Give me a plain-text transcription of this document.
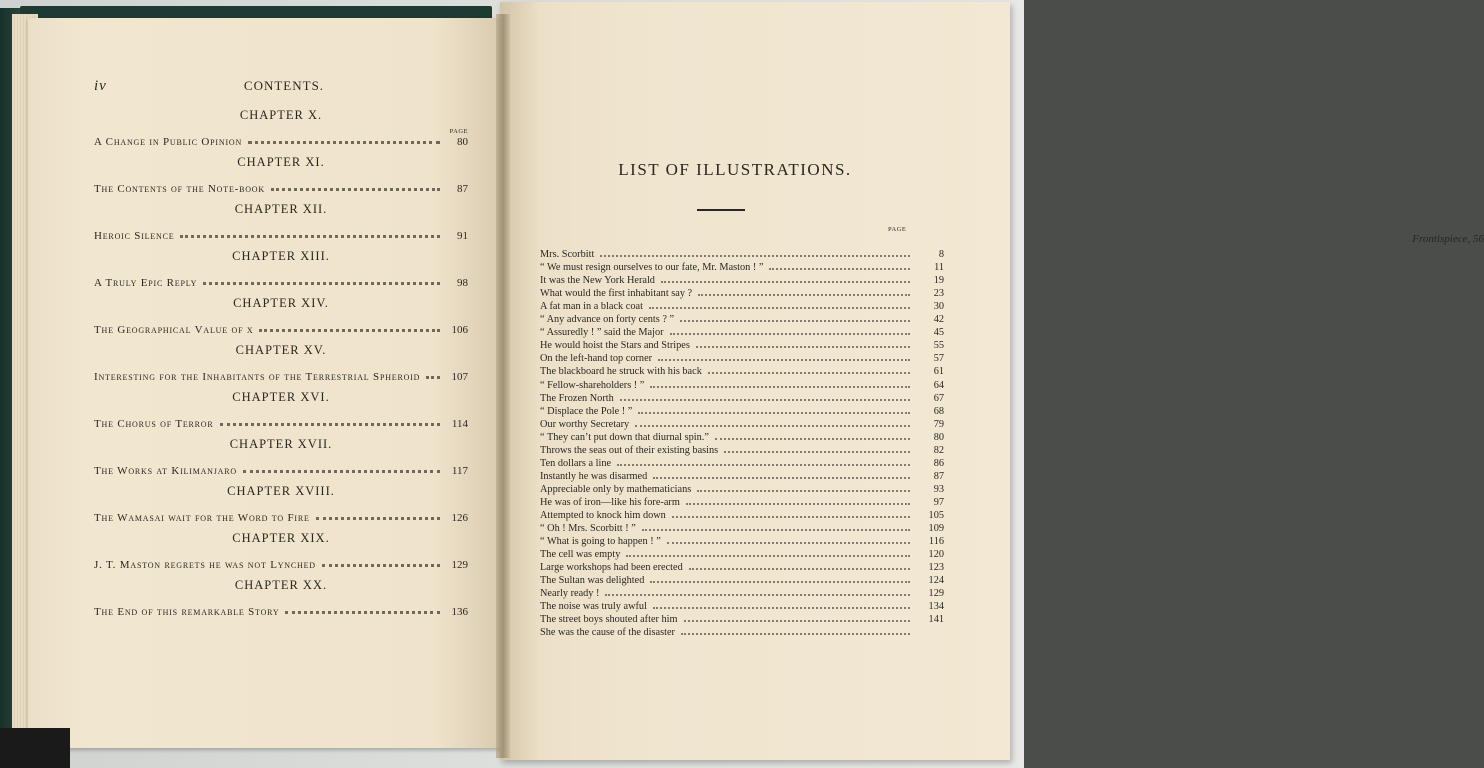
iv	CONTENTS.
CHAPTER X.
PAGE
A Change in Public Opinion	80
CHAPTER XI.
The Contents of the Note-book	87
CHAPTER XII.
Heroic Silence	91
CHAPTER XIII.
A Truly Epic Reply	98
CHAPTER XIV.
The Geographical Value of x	106
CHAPTER XV.
Interesting for the Inhabitants of the Terrestrial Spheroid	107
CHAPTER XVI.
The Chorus of Terror	114
CHAPTER XVII.
The Works at Kilimanjaro	117
CHAPTER XVIII.
The Wamasai wait for the Word to Fire	126
CHAPTER XIX.
J. T. Maston regrets he was not Lynched	129
CHAPTER XX.
The End of this remarkable Story	136
LIST OF ILLUSTRATIONS.
PAGE
Frontispiece, 56
Mrs. Scorbitt	8
“ We must resign ourselves to our fate, Mr. Maston ! ”	11
It was the New York Herald	19
What would the first inhabitant say ?	23
A fat man in a black coat	30
“ Any advance on forty cents ? ”	42
“ Assuredly ! ” said the Major	45
He would hoist the Stars and Stripes	55
On the left-hand top corner	57
The blackboard he struck with his back	61
“ Fellow-shareholders ! ”	64
The Frozen North	67
“ Displace the Pole ! ”	68
Our worthy Secretary	79
“ They can’t put down that diurnal spin.”	80
Throws the seas out of their existing basins	82
Ten dollars a line	86
Instantly he was disarmed	87
Appreciable only by mathematicians	93
He was of iron—like his fore-arm	97
Attempted to knock him down	105
“ Oh ! Mrs. Scorbitt ! ”	109
“ What is going to happen ! ”	116
The cell was empty	120
Large workshops had been erected	123
The Sultan was delighted	124
Nearly ready !	129
The noise was truly awful	134
The street boys shouted after him	141
She was the cause of the disaster
